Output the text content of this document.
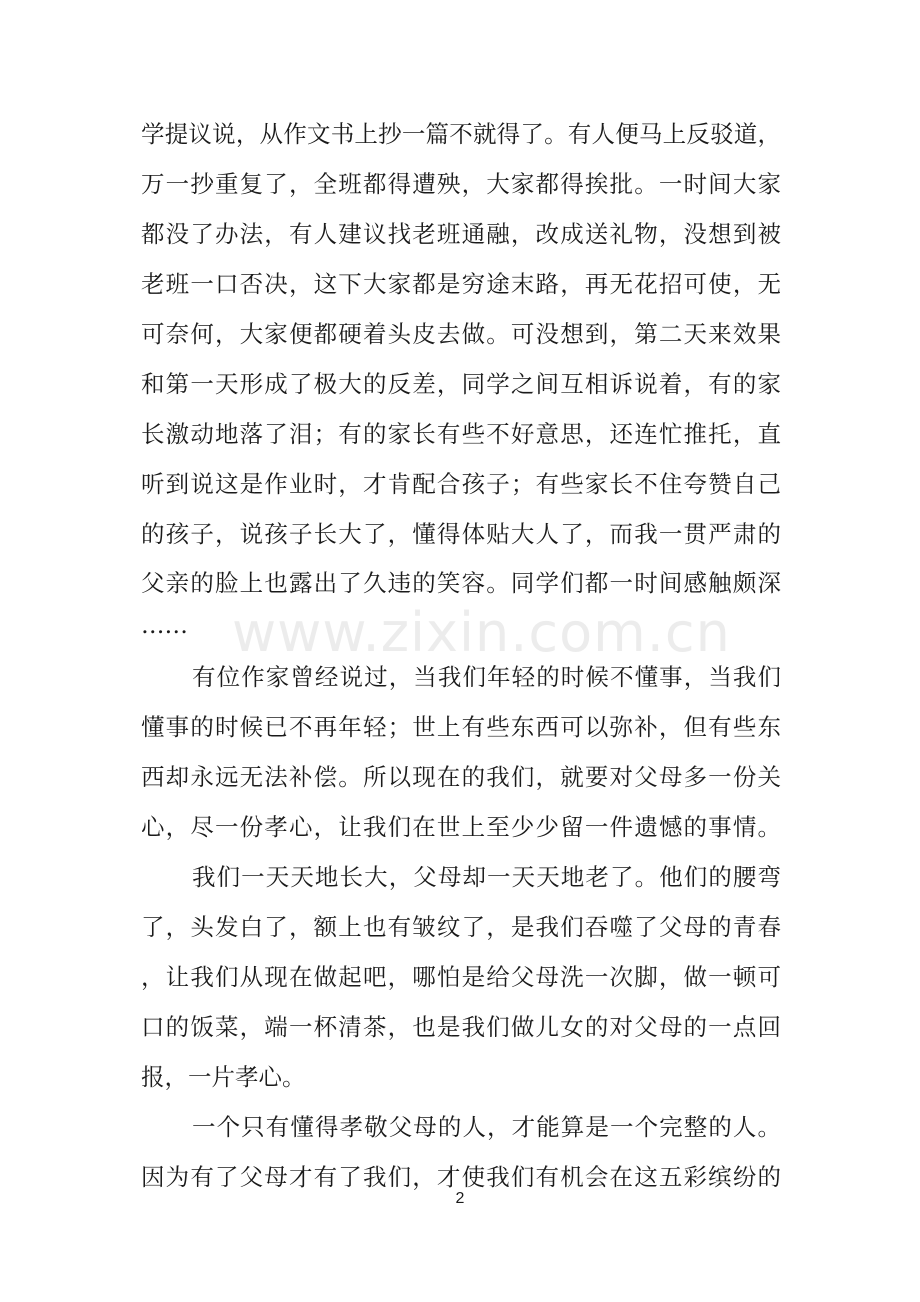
学提议说，从作文书上抄一篇不就得了。有人便马上反驳道，
万一抄重复了，全班都得遭殃，大家都得挨批。一时间大家
都没了办法，有人建议找老班通融，改成送礼物，没想到被
老班一口否决，这下大家都是穷途末路，再无花招可使，无
可奈何，大家便都硬着头皮去做。可没想到，第二天来效果
和第一天形成了极大的反差，同学之间互相诉说着，有的家
长激动地落了泪；有的家长有些不好意思，还连忙推托，直
听到说这是作业时，才肯配合孩子；有些家长不住夸赞自己
的孩子，说孩子长大了，懂得体贴大人了，而我一贯严肃的
父亲的脸上也露出了久违的笑容。同学们都一时间感触颇深
……
有位作家曾经说过，当我们年轻的时候不懂事，当我们
懂事的时候已不再年轻；世上有些东西可以弥补，但有些东
西却永远无法补偿。所以现在的我们，就要对父母多一份关
心，尽一份孝心，让我们在世上至少少留一件遗憾的事情。
我们一天天地长大，父母却一天天地老了。他们的腰弯
了，头发白了，额上也有皱纹了，是我们吞噬了父母的青春
，让我们从现在做起吧，哪怕是给父母洗一次脚，做一顿可
口的饭菜，端一杯清茶，也是我们做儿女的对父母的一点回
报，一片孝心。
一个只有懂得孝敬父母的人，才能算是一个完整的人。
因为有了父母才有了我们，才使我们有机会在这五彩缤纷的
www.zixin.com.cn
2
